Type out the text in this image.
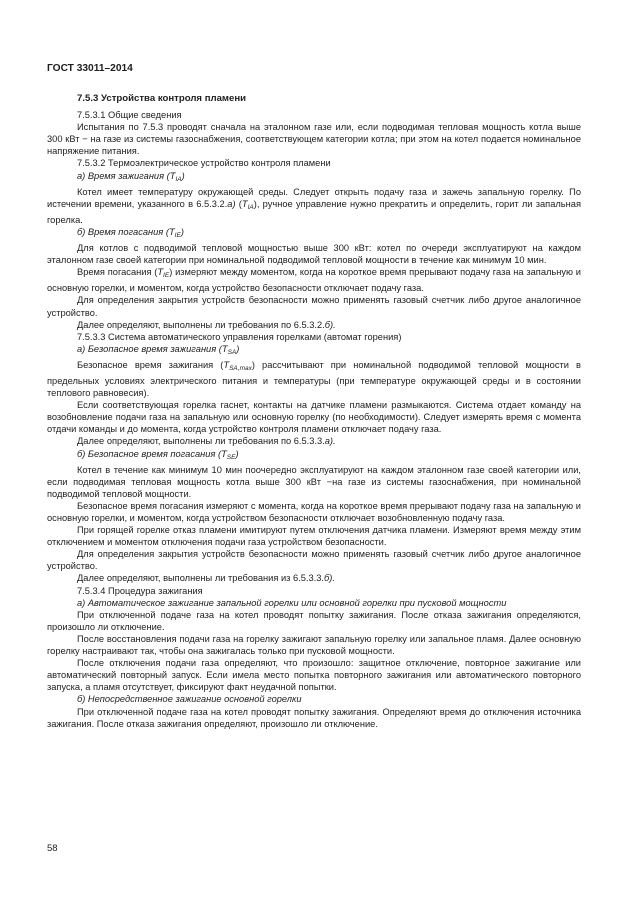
ГОСТ 33011–2014
7.5.3 Устройства контроля пламени

7.5.3.1 Общие сведения

Испытания по 7.5.3 проводят сначала на эталонном газе или, если подводимая тепловая мощность котла выше 300 кВт − на газе из системы газоснабжения, соответствующем категории котла; при этом на котел подается номинальное напряжение питания.

7.5.3.2 Термоэлектрическое устройство контроля пламени

а) Время зажигания $(T_{IA})$

Котел имеет температуру окружающей среды. Следует открыть подачу газа и зажечь запальную горелку. По истечении времени, указанного в 6.5.3.2.а) $(T_{IA})$, ручное управление нужно прекратить и определить, горит ли запальная горелка.

б) Время погасания $(T_{IE})$

Для котлов с подводимой тепловой мощностью выше 300 кВт: котел по очереди эксплуатируют на каждом эталонном газе своей категории при номинальной подводимой тепловой мощности в течение как минимум 10 мин.

Время погасания $(T_{IE})$ измеряют между моментом, когда на короткое время прерывают подачу газа на запальную и основную горелки, и моментом, когда устройство безопасности отключает подачу газа.

Для определения закрытия устройств безопасности можно применять газовый счетчик либо другое аналогичное устройство.

Далее определяют, выполнены ли требования по 6.5.3.2.б).

7.5.3.3 Система автоматического управления горелками (автомат горения)

а) Безопасное время зажигания $(T_{SA})$

Безопасное время зажигания $(T_{SA,max})$ рассчитывают при номинальной подводимой тепловой мощности в предельных условиях электрического питания и температуры (при температуре окружающей среды и в состоянии теплового равновесия).

Если соответствующая горелка гаснет, контакты на датчике пламени размыкаются. Система отдает команду на возобновление подачи газа на запальную или основную горелку (по необходимости). Следует измерять время с момента отдачи команды и до момента, когда устройство контроля пламени отключает подачу газа.

Далее определяют, выполнены ли требования по 6.5.3.3.а).

б) Безопасное время погасания $(T_{SE})$

Котел в течение как минимум 10 мин поочередно эксплуатируют на каждом эталонном газе своей категории или, если подводимая тепловая мощность котла выше 300 кВт −на газе из системы газоснабжения, при номинальной подводимой тепловой мощности.

Безопасное время погасания измеряют с момента, когда на короткое время прерывают подачу газа на запальную и основную горелки, и моментом, когда устройством безопасности отключает возобновленную подачу газа.

При горящей горелке отказ пламени имитируют путем отключения датчика пламени. Измеряют время между этим отключением и моментом отключения подачи газа устройством безопасности.

Для определения закрытия устройств безопасности можно применять газовый счетчик либо другое аналогичное устройство.

Далее определяют, выполнены ли требования из 6.5.3.3.б).

7.5.3.4 Процедура зажигания

а) Автоматическое зажигание запальной горелки или основной горелки при пусковой мощности

При отключенной подаче газа на котел проводят попытку зажигания. После отказа зажигания определяются, произошло ли отключение.

После восстановления подачи газа на горелку зажигают запальную горелку или запальное пламя. Далее основную горелку настраивают так, чтобы она зажигалась только при пусковой мощности.

После отключения подачи газа определяют, что произошло: защитное отключение, повторное зажигание или автоматический повторный запуск. Если имела место попытка повторного зажигания или автоматического повторного запуска, а пламя отсутствует, фиксируют факт неудачной попытки.

б) Непосредственное зажигание основной горелки

При отключенной подаче газа на котел проводят попытку зажигания. Определяют время до отключения источника зажигания. После отказа зажигания определяют, произошло ли отключение.

58
